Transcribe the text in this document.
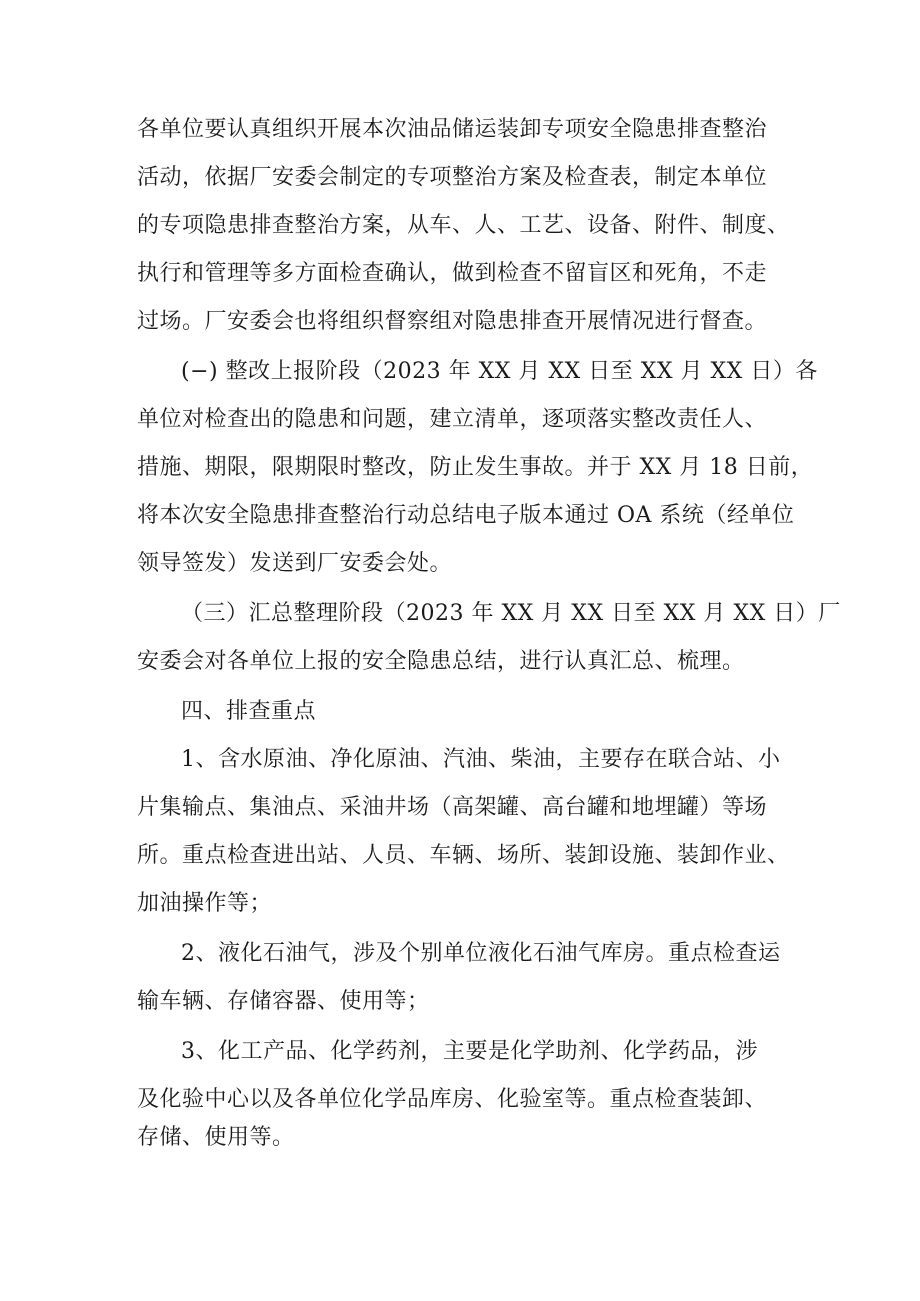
各单位要认真组织开展本次油品储运装卸专项安全隐患排查整治
活动，依据厂安委会制定的专项整治方案及检查表，制定本单位
的专项隐患排查整治方案，从车、人、工艺、设备、附件、制度、
执行和管理等多方面检查确认，做到检查不留盲区和死角，不走
过场。厂安委会也将组织督察组对隐患排查开展情况进行督查。
(−) 整改上报阶段（2023 年 XX 月 XX 日至 XX 月 XX 日）各
单位对检查出的隐患和问题，建立清单，逐项落实整改责任人、
措施、期限，限期限时整改，防止发生事故。并于 XX 月 18 日前，
将本次安全隐患排查整治行动总结电子版本通过 OA 系统（经单位
领导签发）发送到厂安委会处。
（三）汇总整理阶段（2023 年 XX 月 XX 日至 XX 月 XX 日）厂
安委会对各单位上报的安全隐患总结，进行认真汇总、梳理。
四、排查重点
1、含水原油、净化原油、汽油、柴油，主要存在联合站、小
片集输点、集油点、采油井场（高架罐、高台罐和地埋罐）等场
所。重点检查进出站、人员、车辆、场所、装卸设施、装卸作业、
加油操作等；
2、液化石油气，涉及个别单位液化石油气库房。重点检查运
输车辆、存储容器、使用等；
3、化工产品、化学药剂，主要是化学助剂、化学药品，涉
及化验中心以及各单位化学品库房、化验室等。重点检查装卸、
存储、使用等。
